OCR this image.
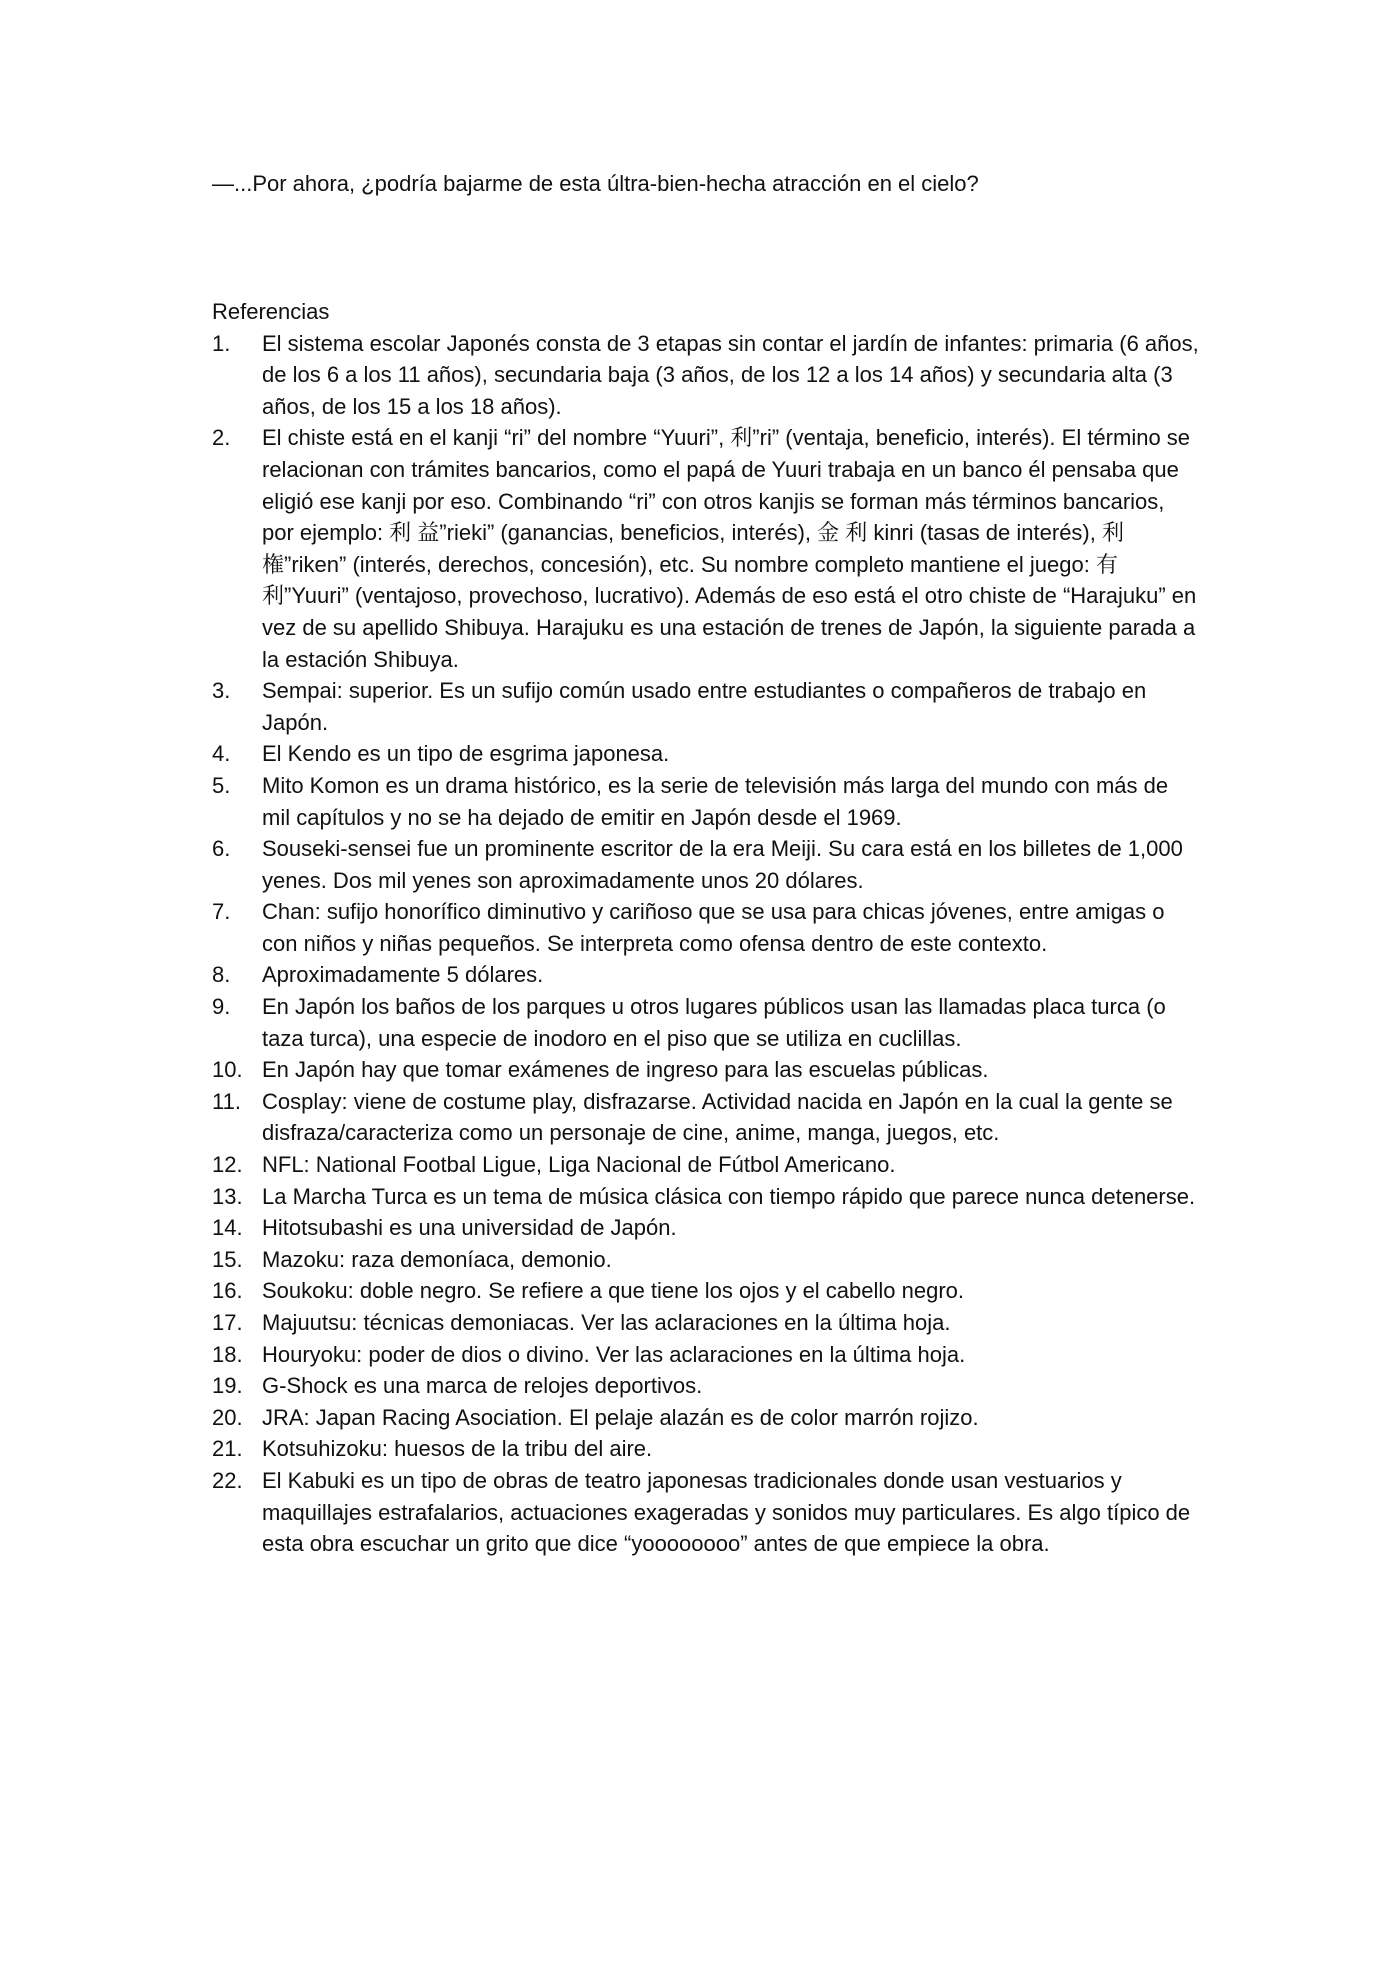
—...Por ahora, ¿podría bajarme de esta últra-bien-hecha atracción en el cielo?
Referencias
1.	El sistema escolar Japonés consta de 3 etapas sin contar el jardín de infantes: primaria (6 años, de los 6 a los 11 años), secundaria baja (3 años, de los 12 a los 14 años) y secundaria alta (3 años, de los 15 a los 18 años).
2.	El chiste está en el kanji “ri” del nombre “Yuuri”, 利”ri” (ventaja, beneficio, interés). El término se relacionan con trámites bancarios, como el papá de Yuuri trabaja en un banco él pensaba que eligió ese kanji por eso. Combinando “ri” con otros kanjis se forman más términos bancarios, por ejemplo: 利 益”rieki” (ganancias, beneficios, interés), 金 利 kinri (tasas de interés), 利 権”riken” (interés, derechos, concesión), etc. Su nombre completo mantiene el juego: 有 利”Yuuri” (ventajoso, provechoso, lucrativo). Además de eso está el otro chiste de “Harajuku” en vez de su apellido Shibuya. Harajuku es una estación de trenes de Japón, la siguiente parada a la estación Shibuya.
3.	Sempai: superior. Es un sufijo común usado entre estudiantes o compañeros de trabajo en Japón.
4.	El Kendo es un tipo de esgrima japonesa.
5.	Mito Komon es un drama histórico, es la serie de televisión más larga del mundo con más de mil capítulos y no se ha dejado de emitir en Japón desde el 1969.
6.	Souseki-sensei fue un prominente escritor de la era Meiji. Su cara está en los billetes de 1,000 yenes. Dos mil yenes son aproximadamente unos 20 dólares.
7.	Chan: sufijo honorífico diminutivo y cariñoso que se usa para chicas jóvenes, entre amigas o con niños y niñas pequeños. Se interpreta como ofensa dentro de este contexto.
8.	Aproximadamente 5 dólares.
9.	En Japón los baños de los parques u otros lugares públicos usan las llamadas placa turca (o taza turca), una especie de inodoro en el piso que se utiliza en cuclillas.
10. En Japón hay que tomar exámenes de ingreso para las escuelas públicas.
11. Cosplay: viene de costume play, disfrazarse. Actividad nacida en Japón en la cual la gente se disfraza/caracteriza como un personaje de cine, anime, manga, juegos, etc.
12. NFL: National Footbal Ligue, Liga Nacional de Fútbol Americano.
13. La Marcha Turca es un tema de música clásica con tiempo rápido que parece nunca detenerse.
14. Hitotsubashi es una universidad de Japón.
15. Mazoku: raza demoníaca, demonio.
16. Soukoku: doble negro. Se refiere a que tiene los ojos y el cabello negro.
17. Majuutsu: técnicas demoniacas. Ver las aclaraciones en la última hoja.
18. Houryoku: poder de dios o divino. Ver las aclaraciones en la última hoja.
19. G-Shock es una marca de relojes deportivos.
20. JRA: Japan Racing Asociation. El pelaje alazán es de color marrón rojizo.
21. Kotsuhizoku: huesos de la tribu del aire.
22. El Kabuki es un tipo de obras de teatro japonesas tradicionales donde usan vestuarios y maquillajes estrafalarios, actuaciones exageradas y sonidos muy particulares. Es algo típico de esta obra escuchar un grito que dice “yoooooooo” antes de que empiece la obra.
